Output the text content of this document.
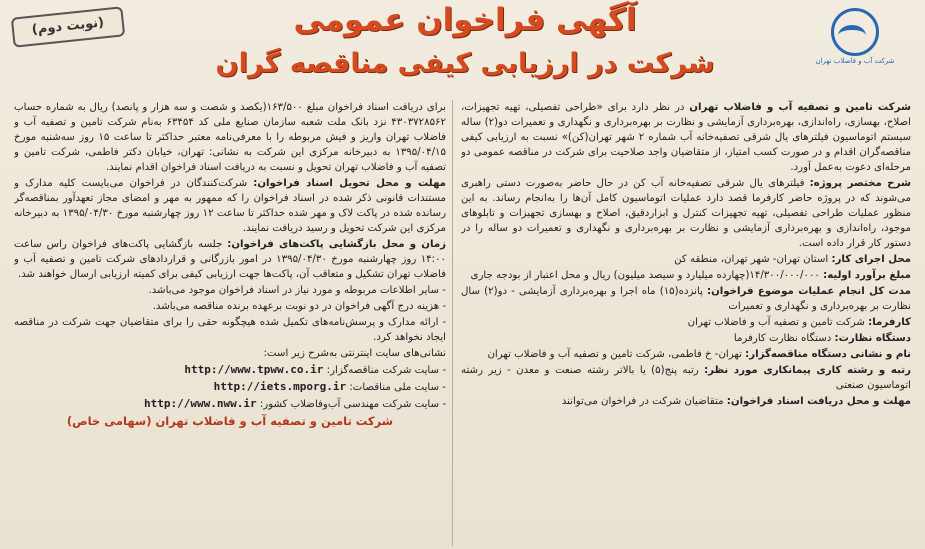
(نوبت دوم)
شرکت آب و فاضلاب تهران
آگهی فراخوان عمومی
شرکت در ارزیابی کیفی مناقصه گران

شرکت تامین و تصفیه آب و فاضلاب تهران در نظر دارد برای «طراحی تفصیلی، تهیه تجهیزات، اصلاح، بهسازی، راه‌اندازی، بهره‌برداری آزمایشی و نظارت بر بهره‌برداری و نگهداری و تعمیرات دو(۲) ساله سیستم اتوماسیون فیلترهای یال شرقی تصفیه‌خانه آب شماره ۲ شهر تهران(کن)» نسبت به ارزیابی کیفی مناقصه‌گران اقدام و در صورت کسب امتیاز، از متقاضیان واجد صلاحیت برای شرکت در مناقصه عمومی دو مرحله‌ای دعوت به‌عمل آورد.

شرح مختصر پروژه: فیلترهای یال شرقی تصفیه‌خانه آب کن در حال حاضر به‌صورت دستی راهبری می‌شوند که در پروژه حاضر کارفرما قصد دارد عملیات اتوماسیون کامل آن‌ها را به‌انجام رساند. به این منظور عملیات طراحی تفصیلی، تهیه تجهیزات کنترل و ابزاردقیق، اصلاح و بهسازی تجهیزات و تابلوهای موجود، راه‌اندازی و بهره‌برداری آزمایشی و نظارت بر بهره‌برداری و نگهداری و تعمیرات دو ساله را در دستور کار قرار داده است.

محل اجرای کار: استان تهران- شهر تهران، منطقه کن

مبلغ برآورد اولیه: ۱۴/۳۰۰/۰۰۰/۰۰۰(چهارده میلیارد و سیصد میلیون) ریال و محل اعتبار از بودجه جاری

مدت کل انجام عملیات موضوع فراخوان: پانزده(۱۵) ماه اجرا و بهره‌برداری آزمایشی - دو(۲) سال نظارت بر بهره‌برداری و نگهداری و تعمیرات

کارفرما: شرکت تامین و تصفیه آب و فاضلاب تهران

دستگاه نظارت: دستگاه نظارت کارفرما

نام و نشانی دستگاه مناقصه‌گزار: تهران- خ فاطمی، شرکت تامین و تصفیه آب و فاضلاب تهران

رتبه و رشته کاری پیمانکاری مورد نظر: رتبه پنج(۵) یا بالاتر رشته صنعت و معدن - زیر رشته اتوماسیون صنعتی

مهلت و محل دریافت اسناد فراخوان: متقاضیان شرکت در فراخوان می‌توانند

برای دریافت اسناد فراخوان مبلغ ۱۶۳/۵۰۰(یکصد و شصت و سه هزار و پانصد) ریال به شماره حساب ۴۳۰۳۷۲۸۵۶۲ نزد بانک ملت شعبه سازمان صنایع ملی کد ۶۳۴۵۴ به‌نام شرکت تامین و تصفیه آب و فاضلاب تهران واریز و فیش مربوطه را با معرفی‌نامه معتبر حداکثر تا ساعت ۱۵ روز سه‌شنبه مورخ ۱۳۹۵/۰۴/۱۵ به دبیرخانه مرکزی این شرکت به نشانی: تهران، خیابان دکتر فاطمی، شرکت تامین و تصفیه آب و فاضلاب تهران تحویل و نسبت به دریافت اسناد فراخوان اقدام نمایند.

مهلت و محل تحویل اسناد فراخوان: شرکت‌کنندگان در فراخوان می‌بایست کلیه مدارک و مستندات قانونی ذکر شده در اسناد فراخوان را که ممهور به مهر و امضای مجاز تعهدآور بمناقصه‌گر رسانده شده در پاکت لاک و مهر شده حداکثر تا ساعت ۱۲ روز چهارشنبه مورخ ۱۳۹۵/۰۴/۳۰ به دبیرخانه مرکزی این شرکت تحویل و رسید دریافت نمایند.

زمان و محل بازگشایی پاکت‌های فراخوان: جلسه بازگشایی پاکت‌های فراخوان راس ساعت ۱۴:۰۰ روز چهارشنبه مورخ ۱۳۹۵/۰۴/۳۰ در امور بازرگانی و قراردادهای شرکت تامین و تصفیه آب و فاضلاب تهران تشکیل و متعاقب آن، پاکت‌ها جهت ارزیابی کیفی برای کمیته ارزیابی ارسال خواهند شد.

- سایر اطلاعات مربوطه و مورد نیاز در اسناد فراخوان موجود می‌باشد.

- هزینه درج آگهی فراخوان در دو نوبت برعهده برنده مناقصه می‌باشد.

- ارائه مدارک و پرسش‌نامه‌های تکمیل شده هیچگونه حقی را برای متقاضیان جهت شرکت در مناقصه ایجاد نخواهد کرد.

نشانی‌های سایت اینترنتی به‌شرح زیر است:

- سایت شرکت مناقصه‌گزار: http://www.tpww.co.ir

- سایت ملی مناقصات: http://iets.mporg.ir

- سایت شرکت مهندسی آب‌وفاضلاب کشور: http://www.nww.ir

شرکت تامین و تصفیه آب و فاضلاب تهران (سهامی خاص)
